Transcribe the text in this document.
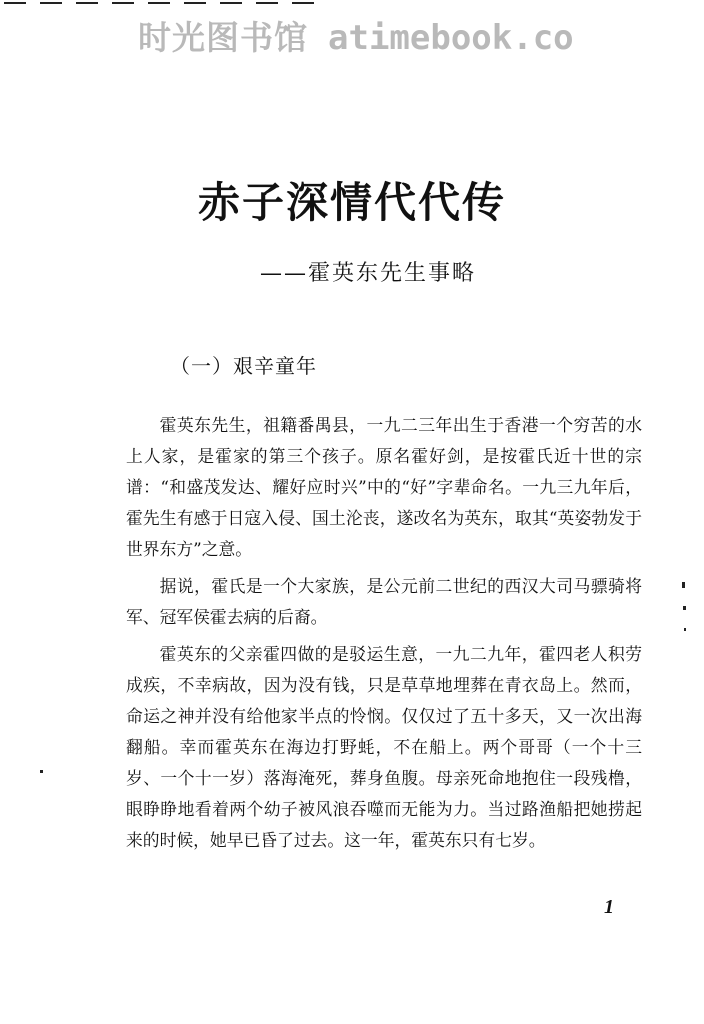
时光图书馆 atimebook.co
赤子深情代代传
——霍英东先生事略
（一）艰辛童年

霍英东先生，祖籍番禺县，一九二三年出生于香港一个穷苦的水上人家，是霍家的第三个孩子。原名霍好剑，是按霍氏近十世的宗谱：“和盛茂发达、耀好应时兴”中的“好”字辈命名。一九三九年后，霍先生有感于日寇入侵、国土沦丧，遂改名为英东，取其“英姿勃发于世界东方”之意。

据说，霍氏是一个大家族，是公元前二世纪的西汉大司马骠骑将军、冠军侯霍去病的后裔。

霍英东的父亲霍四做的是驳运生意，一九二九年，霍四老人积劳成疾，不幸病故，因为没有钱，只是草草地埋葬在青衣岛上。然而，命运之神并没有给他家半点的怜悯。仅仅过了五十多天，又一次出海翻船。幸而霍英东在海边打野蚝，不在船上。两个哥哥（一个十三岁、一个十一岁）落海淹死，葬身鱼腹。母亲死命地抱住一段残橹，眼睁睁地看着两个幼子被风浪吞噬而无能为力。当过路渔船把她捞起来的时候，她早已昏了过去。这一年，霍英东只有七岁。

1
